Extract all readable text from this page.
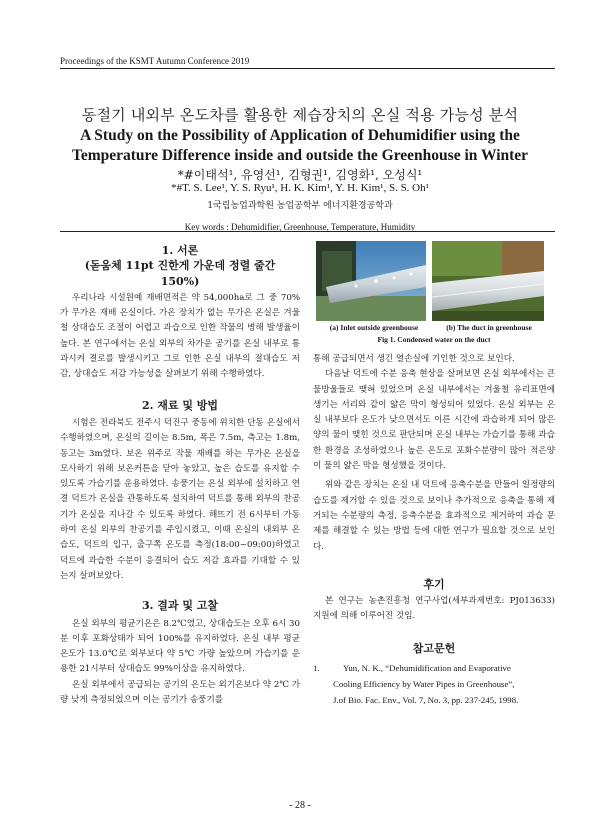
Proceedings of the KSMT Autumn Conference 2019
동절기 내외부 온도차를 활용한 제습장치의 온실 적용 가능성 분석
A Study on the Possibility of Application of Dehumidifier using the
Temperature Difference inside and outside the Greenhouse in Winter
*#이태석¹, 유영선¹, 김형권¹, 김영화¹, 오성식¹
*#T. S. Lee¹, Y. S. Ryu¹, H. K. Kim¹, Y. H. Kim¹, S. S. Oh¹
1국립농업과학원 농업공학부 에너지환경공학과
Key words : Dehumidifier, Greenhouse, Temperature, Humidity
1. 서론
(돋움체 11pt 진한게 가운데 정렬 줄간
150%)

우리나라 시설원예 재배면적은 약 54,000ha로 그 중 70%가 무가온 재배 온실이다. 가온 장치가 없는 무가온 온실은 겨울철 상대습도 조절이 어렵고 과습으로 인한 작물의 병해 발생율이 높다. 본 연구에서는 온실 외부의 차가운 공기를 온실 내부로 통과시켜 결로를 발생시키고 그로 인한 온실 내부의 절대습도 저감, 상대습도 저감 가능성을 살펴보기 위해 수행하였다.

2. 재료 및 방법

시험은 전라북도 전주시 덕진구 중동에 위치한 단동 온실에서 수행하였으며, 온실의 길이는 8.5m, 폭은 7.5m, 측고는 1.8m, 동고는 3m였다. 보온 위주로 작물 재배를 하는 무가온 온실을 모사하기 위해 보온커튼을 닫아 놓았고, 높은 습도를 유지할 수 있도록 가습기를 운용하였다. 송풍기는 온실 외부에 설치하고 연결 덕트가 온실을 관통하도록 설치하여 덕트를 통해 외부의 찬공기가 온실을 지나갈 수 있도록 하였다. 해뜨기 전 6시부터 가동하여 온실 외부의 찬공기를 주입시켰고, 이때 온실의 내외부 온습도, 덕트의 입구, 출구쪽 온도를 측정(18:00~09:00)하였고 덕트에 과습한 수분이 응결되어 습도 저감 효과를 기대할 수 있는지 살펴보았다.

3. 결과 및 고찰

온실 외부의 평균기온은 8.2℃였고, 상대습도는 오후 6시 30분 이후 포화상태가 되어 100%를 유지하였다. 온실 내부 평균온도가 13.0℃로 외부보다 약 5℃ 가량 높았으며 가습기를 운용한 21시부터 상대습도 99%이상을 유지하였다.

온실 외부에서 공급되는 공기의 온도는 외기온보다 약 2℃ 가량 낮게 측정되었으며 이는 공기가 송풍기를

(a) Inlet outside greenhouse	(b) The duct in greenhouse
Fig 1. Condensed water on the duct

통해 공급되면서 생긴 열손실에 기인한 것으로 보인다.

다음날 덕트에 수분 응축 현상을 살펴보면 온실 외부에서는 큰 물방울들로 맺혀 있었으며 온실 내부에서는 겨울철 유리표면에 생기는 서리와 같이 얇은 막이 형성되어 있었다. 온실 외부는 온실 내부보다 온도가 낮으면서도 이른 시간에 과습하게 되어 많은 양의 물이 맺힌 것으로 판단되며 온실 내부는 가습기를 통해 과습한 환경을 조성하였으나 높은 온도로 포화수분량이 많아 적은양이 물의 얇은 막을 형성했을 것이다.

위와 같은 장치는 온실 내 덕트에 응축수분을 만들어 일정량의 습도를 제거할 수 있을 것으로 보이나 추가적으로 응축을 통해 제거되는 수분량의 측정, 응축수분을 효과적으로 제거하여 과습 문제를 해결할 수 있는 방법 등에 대한 연구가 필요할 것으로 보인다.

후기

본 연구는 농촌진흥청 연구사업(세부과제번호: PJ013633) 지원에 의해 이루어진 것임.

참고문헌
1.	Yun, N. K., “Dehumidification and Evaporative
Cooling Efficiency by Water Pipes in Greenhouse”,
J.of Bio. Fac. Env., Vol. 7, No. 3, pp. 237-245, 1998.
- 28 -
